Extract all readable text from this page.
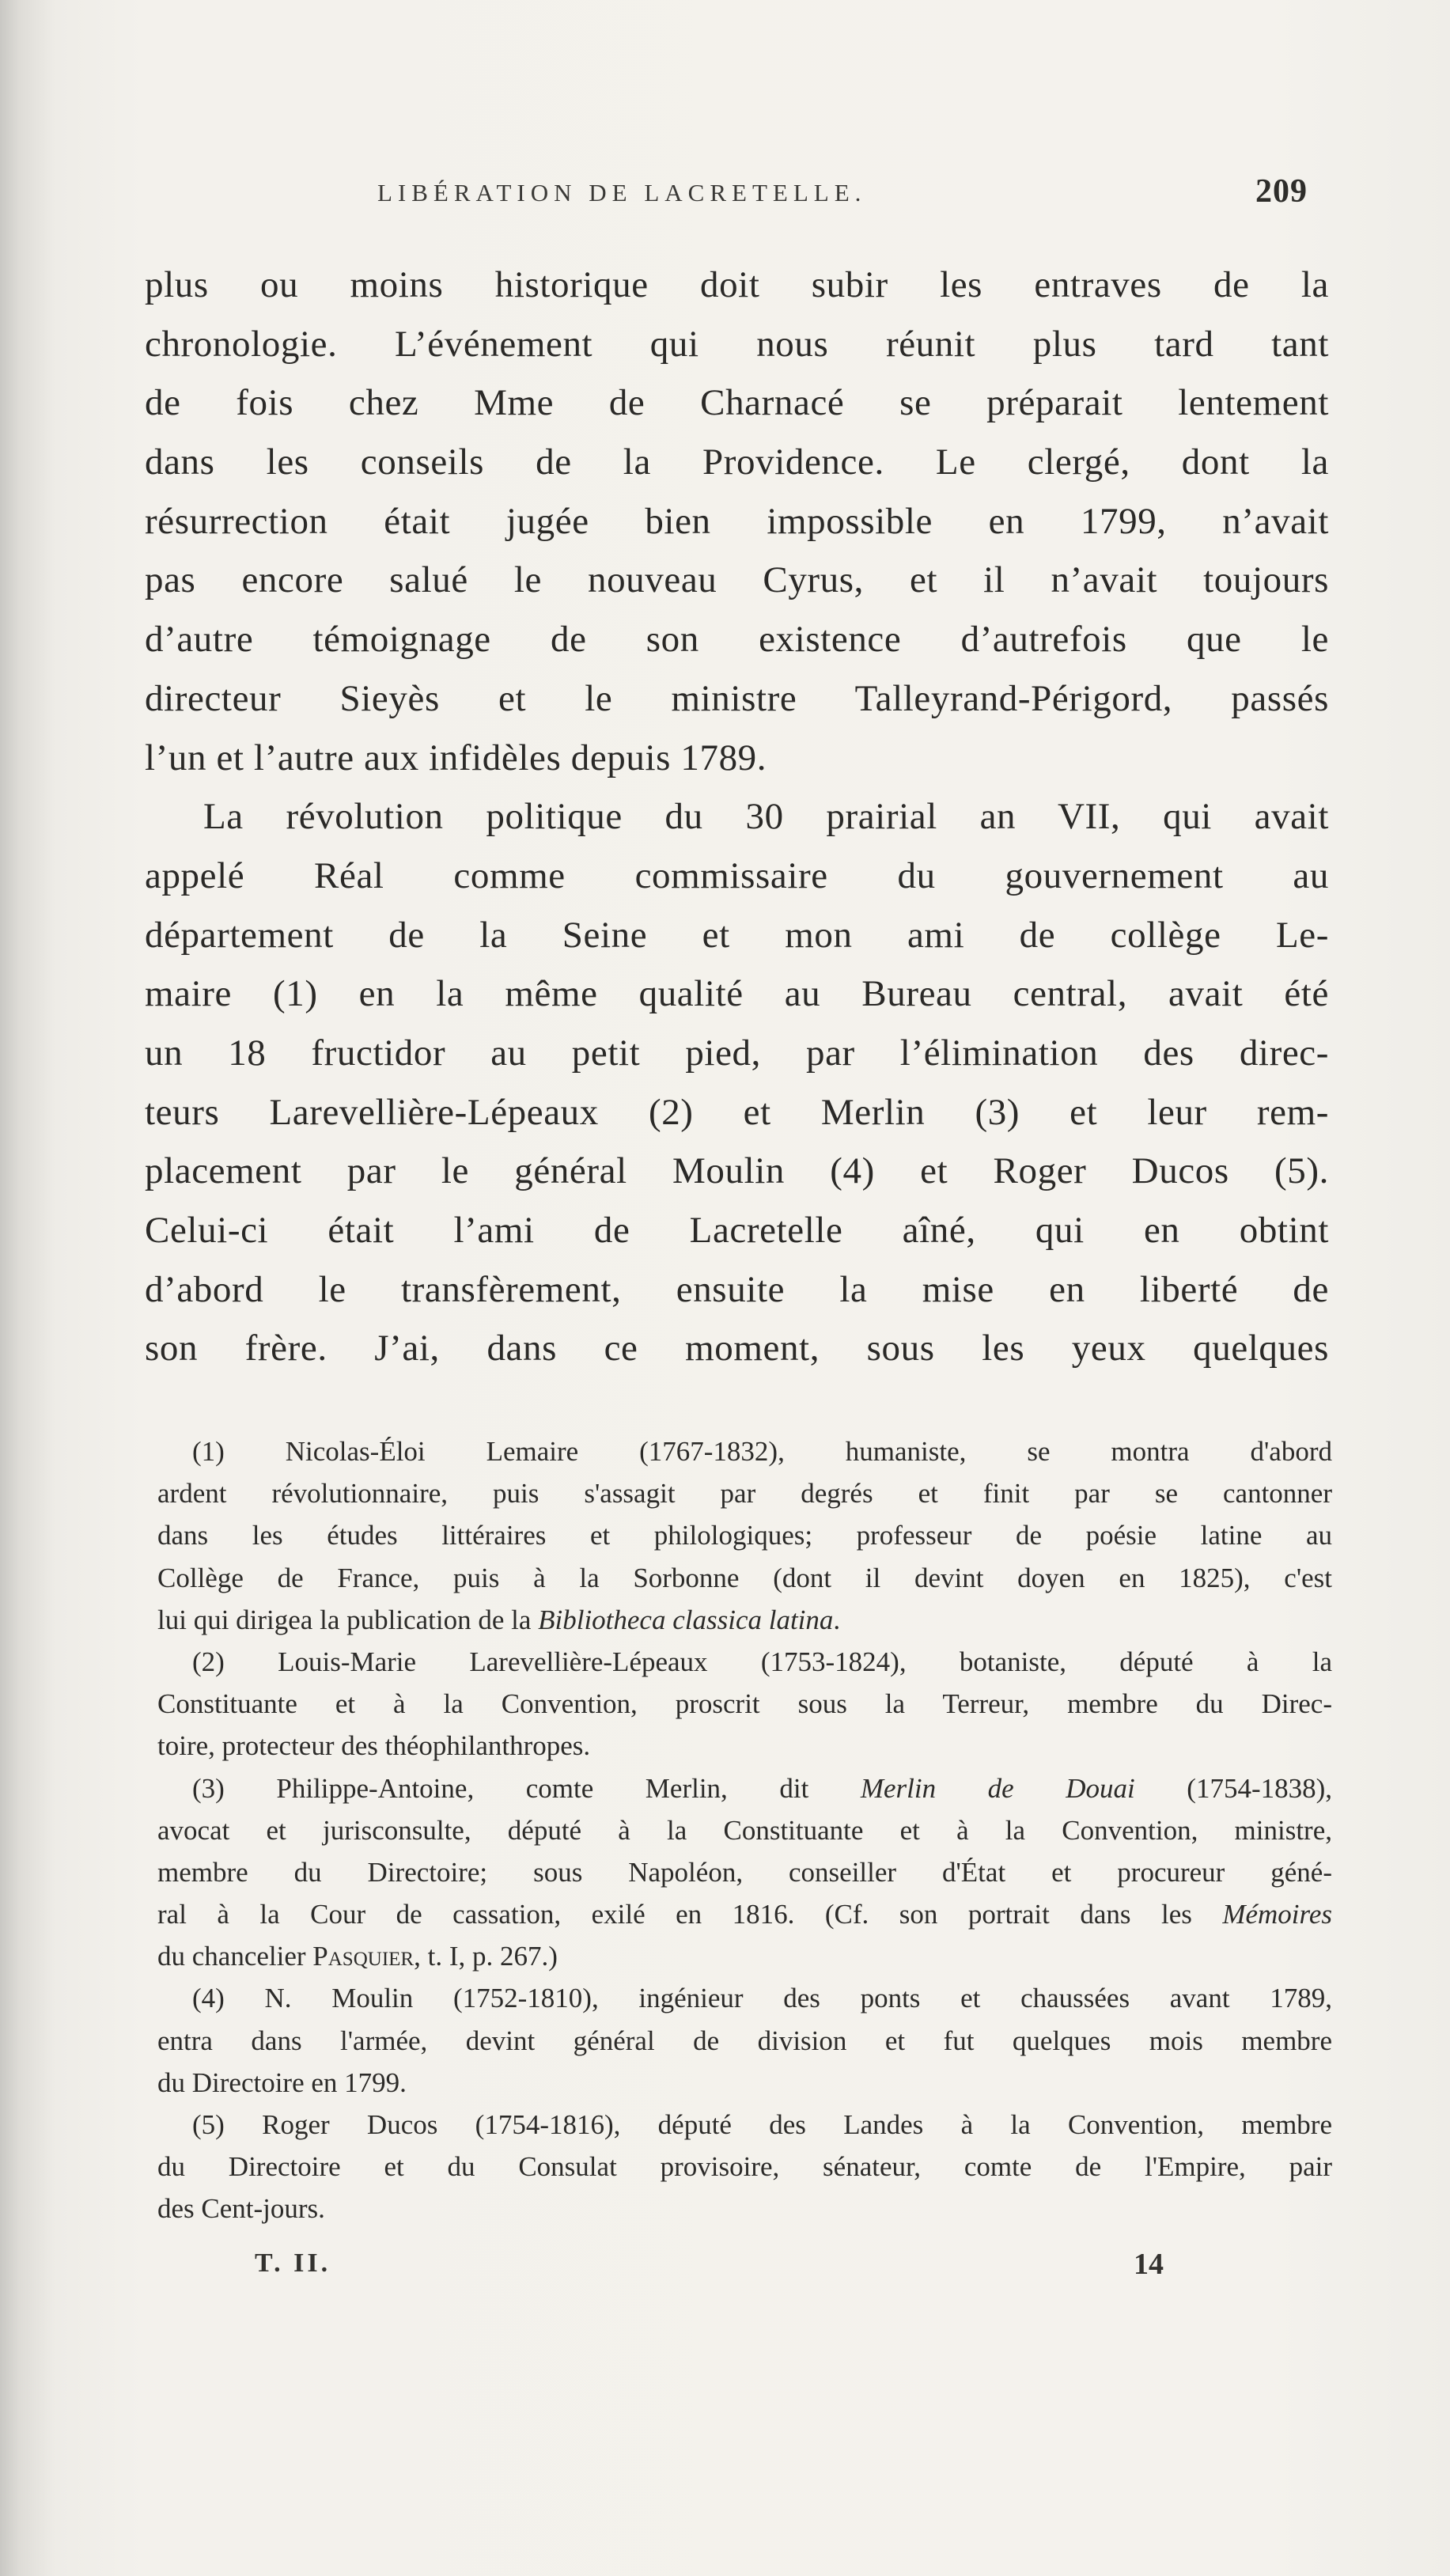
LIBÉRATION DE LACRETELLE.	209
plus ou moins historique doit subir les entraves de la
chronologie. L’événement qui nous réunit plus tard tant
de fois chez Mme de Charnacé se préparait lentement
dans les conseils de la Providence. Le clergé, dont la
résurrection était jugée bien impossible en 1799, n’avait
pas encore salué le nouveau Cyrus, et il n’avait toujours
d’autre témoignage de son existence d’autrefois que le
directeur Sieyès et le ministre Talleyrand-Périgord, passés
l’un et l’autre aux infidèles depuis 1789.
La révolution politique du 30 prairial an VII, qui avait
appelé Réal comme commissaire du gouvernement au
département de la Seine et mon ami de collège Le-
maire (1) en la même qualité au Bureau central, avait été
un 18 fructidor au petit pied, par l’élimination des direc-
teurs Larevellière-Lépeaux (2) et Merlin (3) et leur rem-
placement par le général Moulin (4) et Roger Ducos (5).
Celui-ci était l’ami de Lacretelle aîné, qui en obtint
d’abord le transfèrement, ensuite la mise en liberté de
son frère. J’ai, dans ce moment, sous les yeux quelques
(1) Nicolas-Éloi Lemaire (1767-1832), humaniste, se montra d'abord
ardent révolutionnaire, puis s'assagit par degrés et finit par se cantonner
dans les études littéraires et philologiques; professeur de poésie latine au
Collège de France, puis à la Sorbonne (dont il devint doyen en 1825), c'est
lui qui dirigea la publication de la Bibliotheca classica latina.
(2) Louis-Marie Larevellière-Lépeaux (1753-1824), botaniste, député à la
Constituante et à la Convention, proscrit sous la Terreur, membre du Direc-
toire, protecteur des théophilanthropes.
(3) Philippe-Antoine, comte Merlin, dit Merlin de Douai (1754-1838),
avocat et jurisconsulte, député à la Constituante et à la Convention, ministre,
membre du Directoire; sous Napoléon, conseiller d'État et procureur géné-
ral à la Cour de cassation, exilé en 1816. (Cf. son portrait dans les Mémoires
du chancelier Pasquier, t. I, p. 267.)
(4) N. Moulin (1752-1810), ingénieur des ponts et chaussées avant 1789,
entra dans l'armée, devint général de division et fut quelques mois membre
du Directoire en 1799.
(5) Roger Ducos (1754-1816), député des Landes à la Convention, membre
du Directoire et du Consulat provisoire, sénateur, comte de l'Empire, pair
des Cent-jours.
T. II.	14
